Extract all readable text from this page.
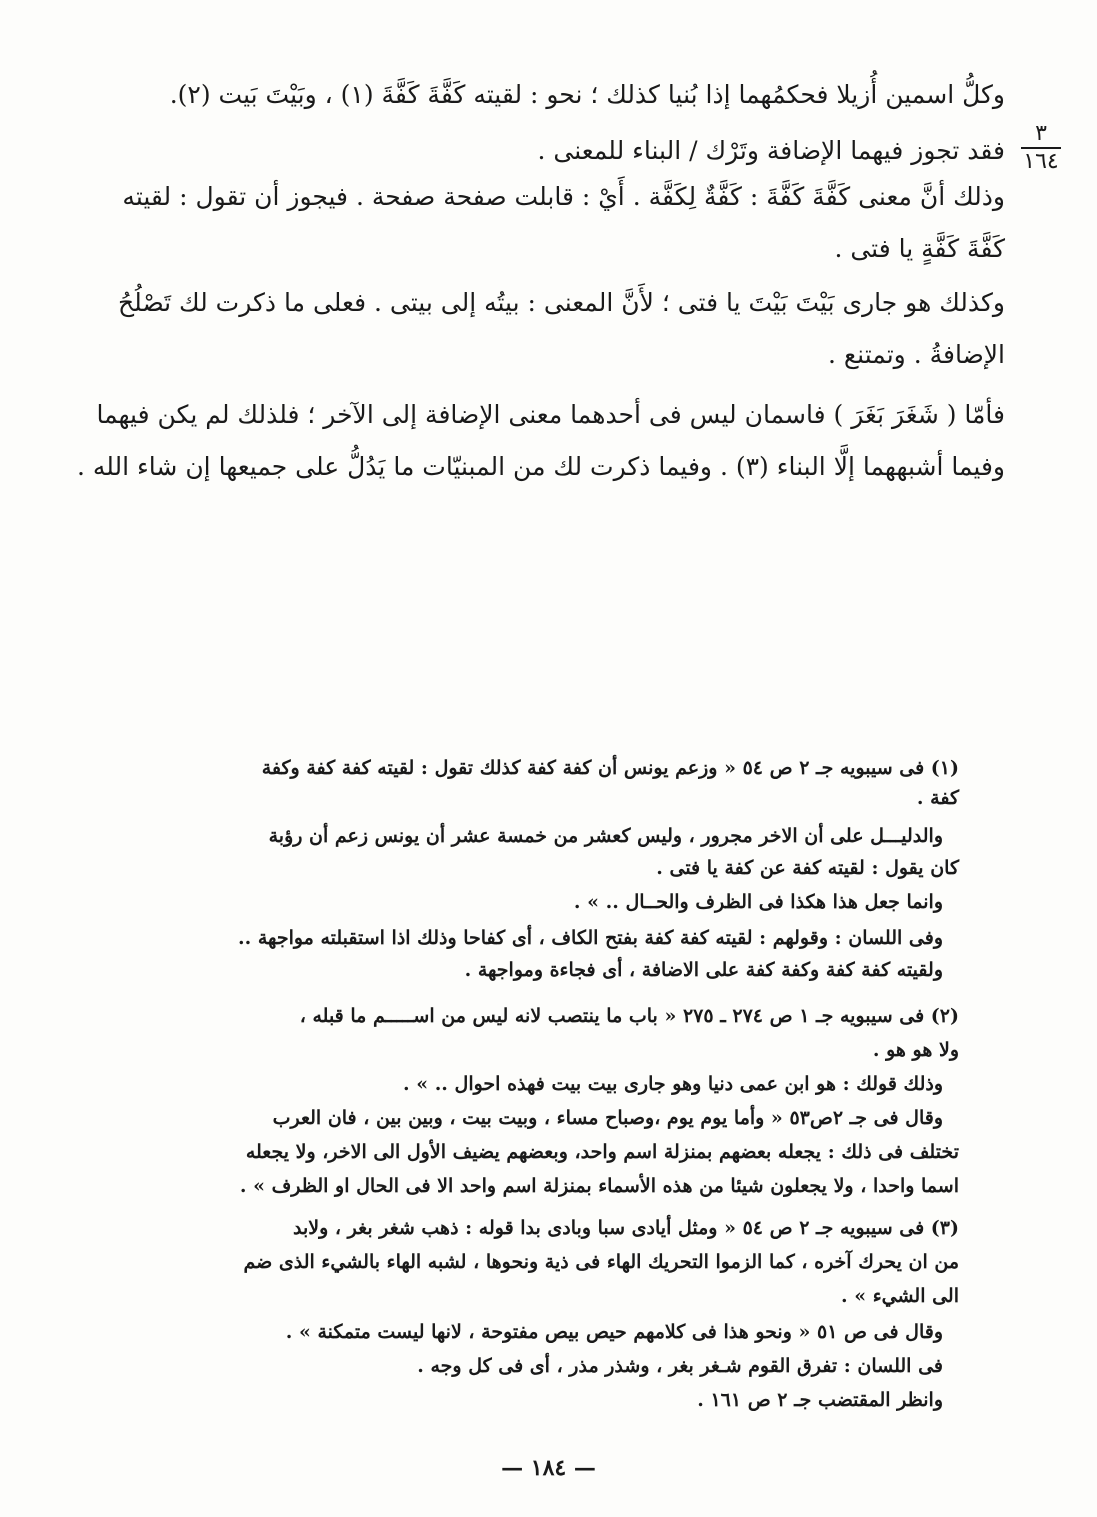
٣
١٦٤
وكلُّ اسمين أُزيلا فحكمُهما إذا بُنيا كذلك ؛ نحو : لقيته كَفَّةَ كَفَّةَ (١) ، وبَيْتَ بَيت (٢).
فقد تجوز فيهما الإضافة وتَرْك / البناء للمعنى .
وذلك أنَّ معنى كَفَّةَ كَفَّةَ : كَفَّةٌ لِكَفَّة . أَيْ : قابلت صفحة صفحة . فيجوز أن تقول : لقيته
كَفَّةَ كَفَّةٍ يا فتى .
وكذلك هو جارى بَيْتَ بَيْتَ يا فتى ؛ لأَنَّ المعنى : بيتُه إلى بيتى . فعلى ما ذكرت لك تَصْلُحُ
الإضافةُ . وتمتنع .
فأمّا ( شَغَرَ بَغَرَ ) فاسمان ليس فى أحدهما معنى الإضافة إلى الآخر ؛ فلذلك لم يكن فيهما
وفيما أشبههما إلَّا البناء (٣) . وفيما ذكرت لك من المبنيّات ما يَدُلُّ على جميعها إن شاء الله .
(١) فى سيبويه جـ ٢ ص ٥٤ « وزعم يونس أن كفة كفة كذلك تقول : لقيته كفة كفة وكفة
كفة .
والدليـــل على أن الاخر مجرور ، وليس كعشر من خمسة عشر أن يونس زعم أن رؤبة
كان يقول : لقيته كفة عن كفة يا فتى .
وانما جعل هذا هكذا فى الظرف والحــال .. » .
وفى اللسان : وقولهم : لقيته كفة كفة بفتح الكاف ، أى كفاحا وذلك اذا استقبلته مواجهة ..
ولقيته كفة كفة وكفة كفة على الاضافة ، أى فجاءة ومواجهة .
(٢) فى سيبويه جـ ١ ص ٢٧٤ ـ ٢٧٥ « باب ما ينتصب لانه ليس من اســـــم ما قبله ،
ولا هو هو .
وذلك قولك : هو ابن عمى دنيا وهو جارى بيت بيت فهذه احوال .. » .
وقال فى جـ ٢ص٥٣ « وأما يوم يوم ،وصباح مساء ، وبيت بيت ، وبين بين ، فان العرب
تختلف فى ذلك : يجعله بعضهم بمنزلة اسم واحد، وبعضهم يضيف الأول الى الاخر، ولا يجعله
اسما واحدا ، ولا يجعلون شيئا من هذه الأسماء بمنزلة اسم واحد الا فى الحال او الظرف » .
(٣) فى سيبويه جـ ٢ ص ٥٤ « ومثل أيادى سبا وبادى بدا قوله : ذهب شغر بغر ، ولابد
من ان يحرك آخره ، كما الزموا التحريك الهاء فى ذية ونحوها ، لشبه الهاء بالشيء الذى ضم
الى الشيء » .
وقال فى ص ٥١ « ونحو هذا فى كلامهم حيص بيص مفتوحة ، لانها ليست متمكنة » .
فى اللسان : تفرق القوم شـغر بغر ، وشذر مذر ، أى فى كل وجه .
وانظر المقتضب جـ ٢ ص ١٦١ .
— ١٨٤ —
